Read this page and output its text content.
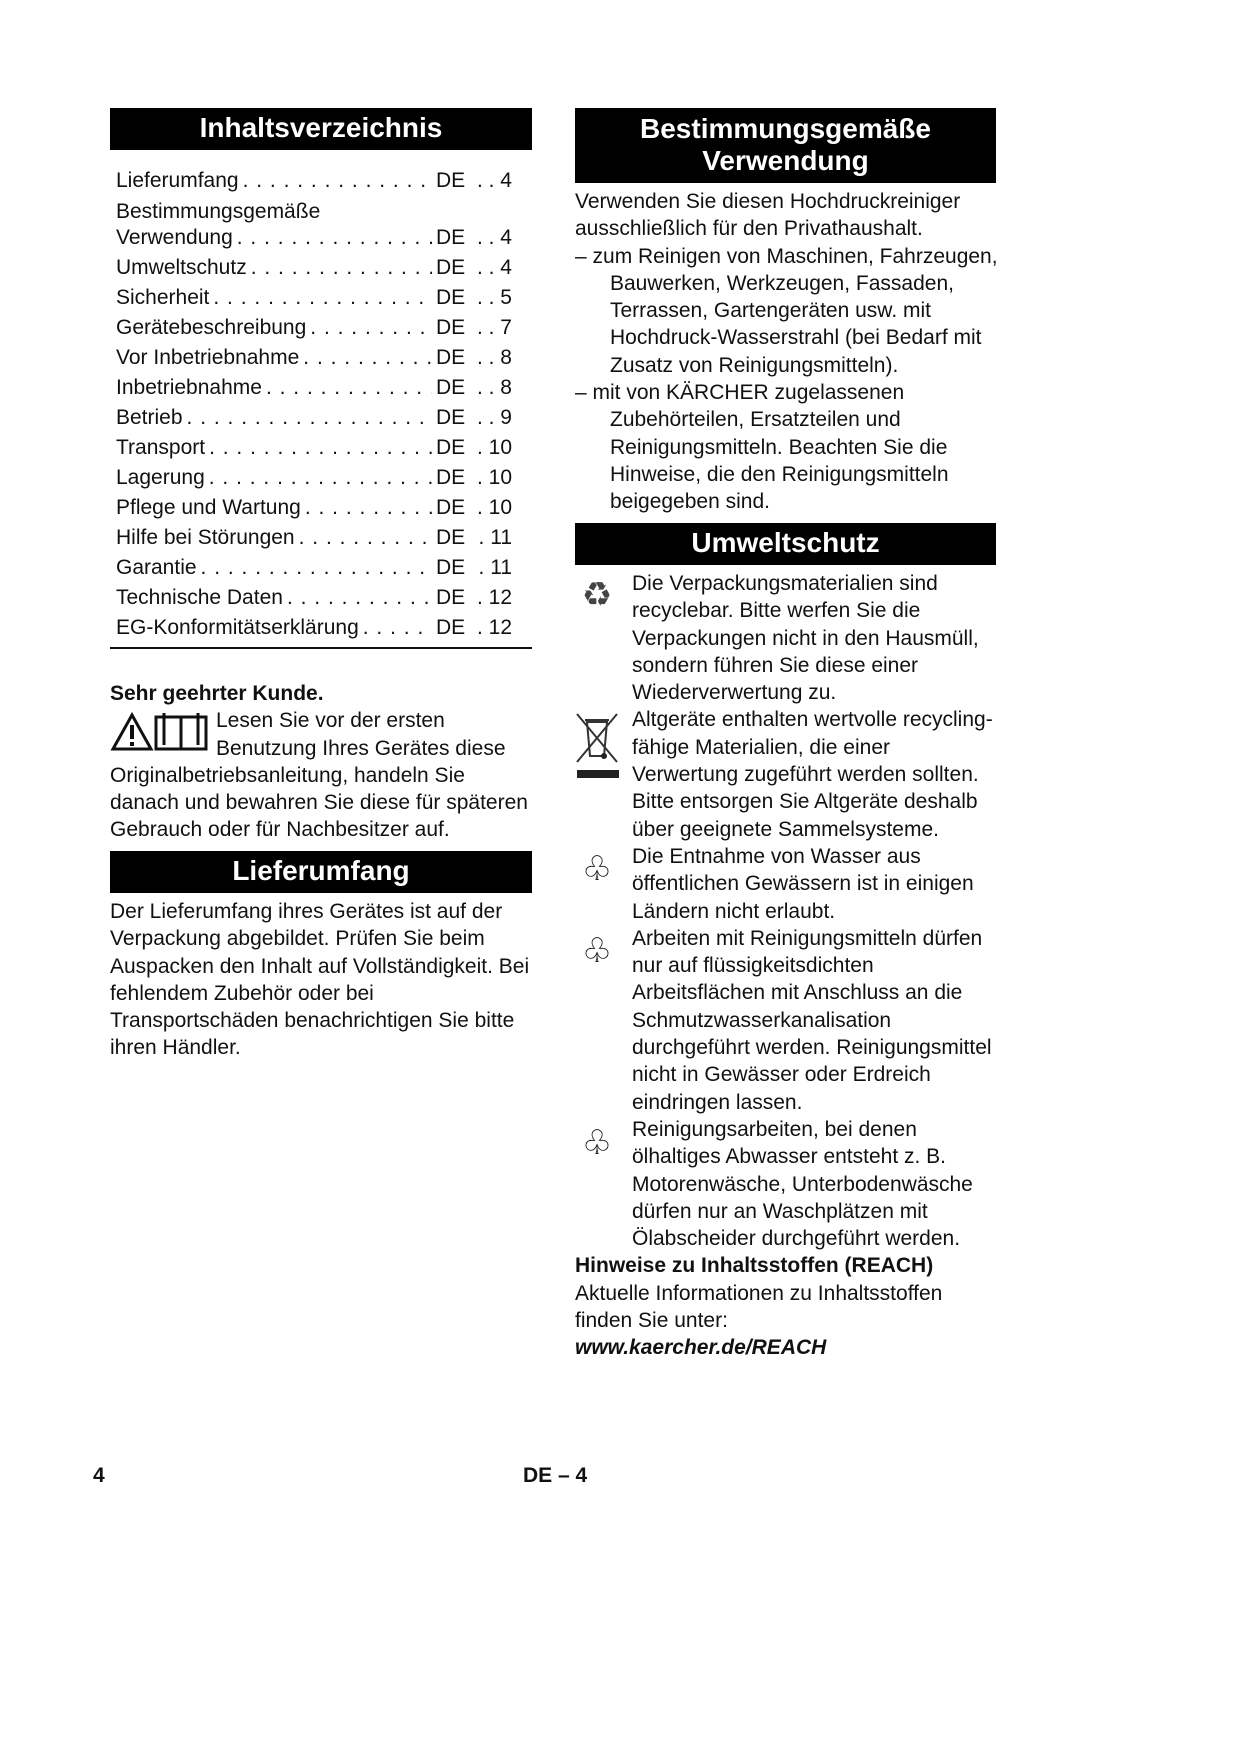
Inhaltsverzeichnis
Lieferumfang . . .	DE . . 4
Bestimmungsgemäße
Verwendung . . .	DE . . 4
Umweltschutz . . .	DE . . 4
Sicherheit . . .	DE . . 5
Gerätebeschreibung . . .	DE . . 7
Vor Inbetriebnahme . . .	DE . . 8
Inbetriebnahme . . .	DE . . 8
Betrieb . . .	DE . . 9
Transport . . .	DE . 10
Lagerung . . .	DE . 10
Pflege und Wartung . . .	DE . 10
Hilfe bei Störungen . . .	DE . 11
Garantie . . .	DE . 11
Technische Daten . . .	DE . 12
EG-Konformitätserklärung . . .	DE . 12
Sehr geehrter Kunde.
Lesen Sie vor der ersten Benutzung Ihres Gerätes diese Originalbetriebsanleitung, handeln Sie danach und bewahren Sie diese für späteren Gebrauch oder für Nachbesitzer auf.
Lieferumfang
Der Lieferumfang ihres Gerätes ist auf der Verpackung abgebildet. Prüfen Sie beim Auspacken den Inhalt auf Vollständigkeit. Bei fehlendem Zubehör oder bei Transportschäden benachrichtigen Sie bitte ihren Händler.
Bestimmungsgemäße
Verwendung
Verwenden Sie diesen Hochdruckreiniger ausschließlich für den Privathaushalt.
– zum Reinigen von Maschinen, Fahrzeugen, Bauwerken, Werkzeugen, Fassaden, Terrassen, Gartengeräten usw. mit Hochdruck-Wasserstrahl (bei Bedarf mit Zusatz von Reinigungsmitteln).
– mit von KÄRCHER zugelassenen Zubehörteilen, Ersatzteilen und Reinigungsmitteln. Beachten Sie die Hinweise, die den Reinigungsmitteln beigegeben sind.
Umweltschutz
♻
♧
♧
♧
Die Verpackungsmaterialien sind recyclebar. Bitte werfen Sie die Verpackungen nicht in den Hausmüll, sondern führen Sie diese einer Wiederverwertung zu.
Altgeräte enthalten wertvolle recyclingfähige Materialien, die einer Verwertung zugeführt werden sollten. Bitte entsorgen Sie Altgeräte deshalb über geeignete Sammelsysteme.
Die Entnahme von Wasser aus öffentlichen Gewässern ist in einigen Ländern nicht erlaubt.
Arbeiten mit Reinigungsmitteln dürfen nur auf flüssigkeitsdichten Arbeitsflächen mit Anschluss an die Schmutzwasserkanalisation durchgeführt werden. Reinigungsmittel nicht in Gewässer oder Erdreich eindringen lassen.
Reinigungsarbeiten, bei denen ölhaltiges Abwasser entsteht z. B. Motorenwäsche, Unterbodenwäsche dürfen nur an Waschplätzen mit Ölabscheider durchgeführt werden.
Hinweise zu Inhaltsstoffen (REACH)
Aktuelle Informationen zu Inhaltsstoffen finden Sie unter:
www.kaercher.de/REACH
4	DE – 4
